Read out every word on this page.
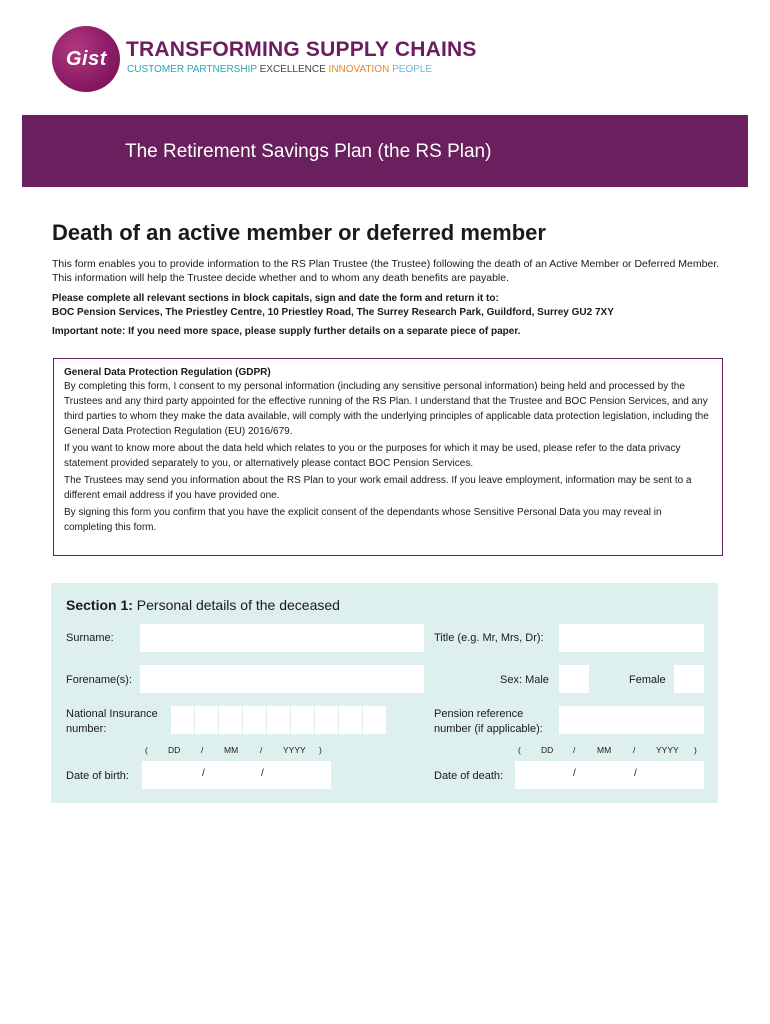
Gist TRANSFORMING SUPPLY CHAINS
CUSTOMER PARTNERSHIP EXCELLENCE INNOVATION PEOPLE
The Retirement Savings Plan (the RS Plan)
Death of an active member or deferred member

This form enables you to provide information to the RS Plan Trustee (the Trustee) following the death of an Active Member or Deferred Member. This information will help the Trustee decide whether and to whom any death benefits are payable.

Please complete all relevant sections in block capitals, sign and date the form and return it to:
BOC Pension Services, The Priestley Centre, 10 Priestley Road, The Surrey Research Park, Guildford, Surrey GU2 7XY

Important note: If you need more space, please supply further details on a separate piece of paper.

General Data Protection Regulation (GDPR)

By completing this form, I consent to my personal information (including any sensitive personal information) being held and processed by the Trustees and any third party appointed for the effective running of the RS Plan. I understand that the Trustee and BOC Pension Services, and any third parties to whom they make the data available, will comply with the underlying principles of applicable data protection legislation, including the General Data Protection Regulation (EU) 2016/679.

If you want to know more about the data held which relates to you or the purposes for which it may be used, please refer to the data privacy statement provided separately to you, or alternatively please contact BOC Pension Services.

The Trustees may send you information about the RS Plan to your work email address. If you leave employment, information may be sent to a different email address if you have provided one.

By signing this form you confirm that you have the explicit consent of the dependants whose Sensitive Personal Data you may reveal in completing this form.

Section 1: Personal details of the deceased
Surname:	Title (e.g. Mr, Mrs, Dr):
Forename(s):	Sex: Male	Female
National Insurance
number:
Pension reference
number (if applicable):
( DD / MM	/ YYYY )	( DD /	MM	/ YYYY )
Date of birth:	/	/	Date of death:	/	/
